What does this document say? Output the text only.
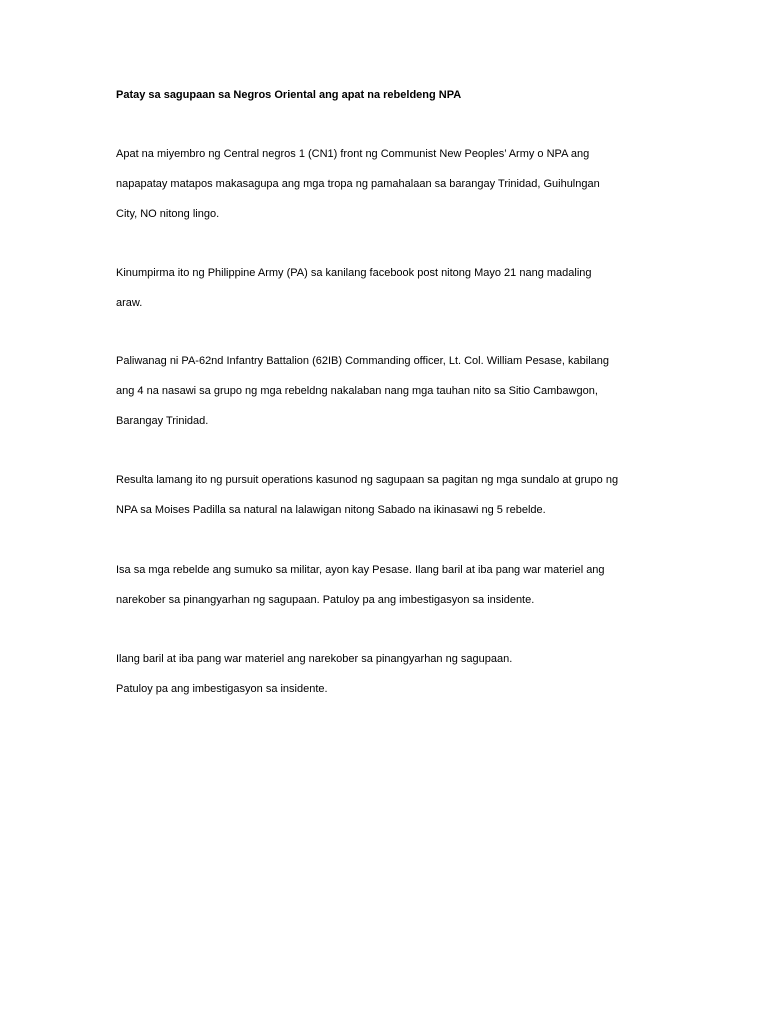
Patay sa sagupaan sa Negros Oriental ang apat na rebeldeng NPA
Apat na miyembro ng Central negros 1 (CN1) front ng Communist New Peoples’ Army o NPA ang
napapatay matapos makasagupa ang mga tropa ng pamahalaan sa barangay Trinidad, Guihulngan
City, NO nitong lingo.
Kinumpirma ito ng Philippine Army (PA) sa kanilang facebook post nitong Mayo 21 nang madaling
araw.
Paliwanag ni PA-62nd Infantry Battalion (62IB) Commanding officer, Lt. Col. William Pesase, kabilang
ang 4 na nasawi sa grupo ng mga rebeldng nakalaban nang mga tauhan nito sa Sitio Cambawgon,
Barangay Trinidad.
Resulta lamang ito ng pursuit operations kasunod ng sagupaan sa pagitan ng mga sundalo at grupo ng
NPA sa Moises Padilla sa natural na lalawigan nitong Sabado na ikinasawi ng 5 rebelde.
Isa sa mga rebelde ang sumuko sa militar, ayon kay Pesase. Ilang baril at iba pang war materiel ang
narekober sa pinangyarhan ng sagupaan. Patuloy pa ang imbestigasyon sa insidente.
Ilang baril at iba pang war materiel ang narekober sa pinangyarhan ng sagupaan.
Patuloy pa ang imbestigasyon sa insidente.
